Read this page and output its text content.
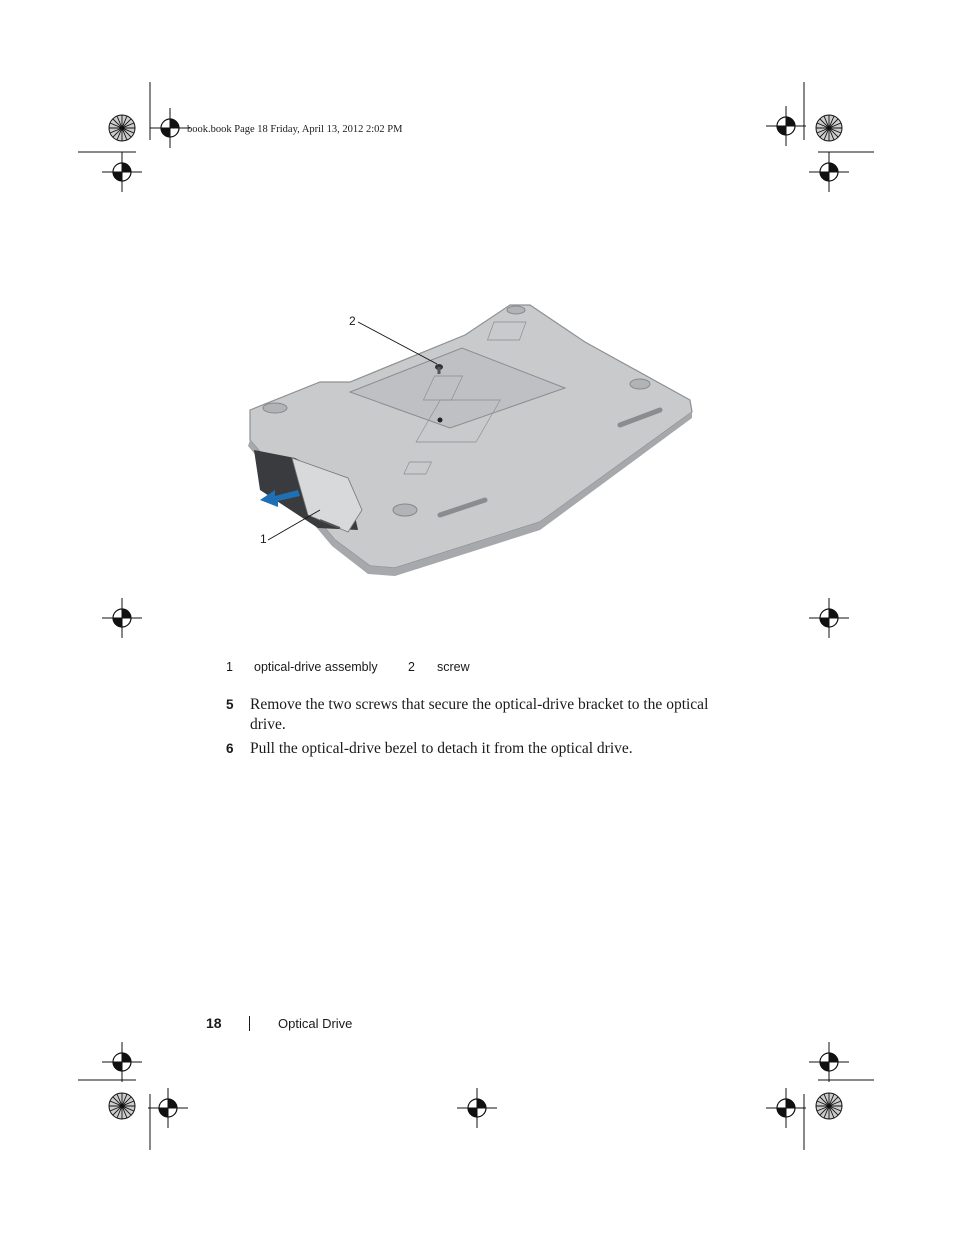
book.book Page 18 Friday, April 13, 2012 2:02 PM
2
1
1 optical-drive assembly 2 screw
5 Remove the two screws that secure the optical-drive bracket to the optical drive.
6 Pull the optical-drive bezel to detach it from the optical drive.
18	Optical Drive
